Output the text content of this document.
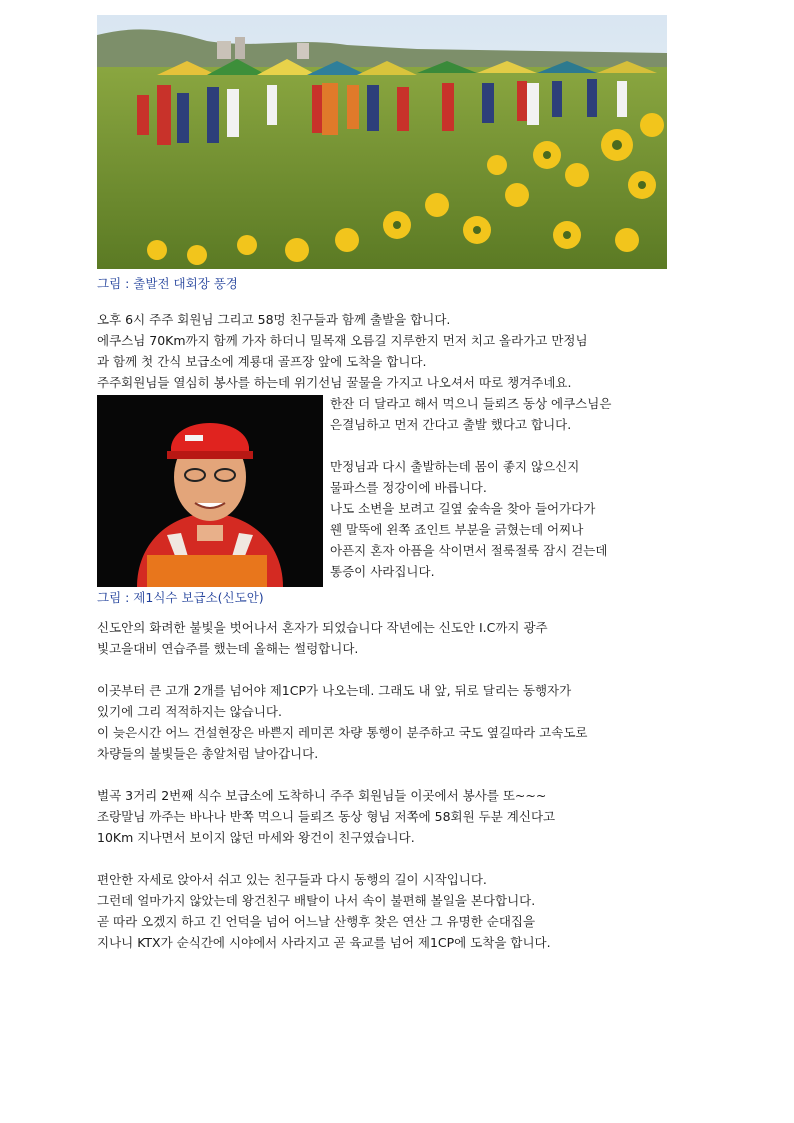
그림 : 출발전 대회장 풍경

오후 6시 주주 회원님 그리고 58멍 친구들과 함께 출발을 합니다.

에쿠스님 70Km까지 함께 가자 하더니 밀목재 오름길 지루한지 먼저 치고 올라가고 만정님

과 함께 첫 간식 보급소에 계룡대 골프장 앞에 도착을 합니다.

주주회원님들 열심히 봉사를 하는데 위기선님 꿀물을 가지고 나오셔서 따로 챙겨주네요.

한잔 더 달라고 해서 먹으니 들뢰즈 동상 에쿠스님은

은결님하고 먼저 간다고 출발 했다고 합니다.

만정님과 다시 출발하는데 몸이 좋지 않으신지

물파스를 정강이에 바릅니다.

나도 소변을 보려고 길옆 숲속을 찾아 들어가다가

웬 말뚝에 왼쪽 죠인트 부분을 긁혔는데 어찌나

아픈지 혼자 아픔을 삭이면서 절룩절룩 잠시 걷는데

통증이 사라집니다.

그림 : 제1식수 보급소(신도안)

신도안의 화려한 불빛을 벗어나서 혼자가 되었습니다 작년에는 신도안 I.C까지 광주

빛고을대비 연습주를 했는데 올해는 썰렁합니다.

이곳부터 큰 고개 2개를 넘어야 제1CP가 나오는데. 그래도 내 앞, 뒤로 달리는 동행자가

있기에 그리 적적하지는 않습니다.

이 늦은시간 어느 건설현장은 바쁜지 레미콘 차량 통행이 분주하고 국도 옆길따라 고속도로

차량들의 불빛들은 총알처럼 날아갑니다.

벌곡 3거리 2번째 식수 보급소에 도착하니 주주 회원님들 이곳에서 봉사를 또~~~

조랑말님 까주는 바나나 반쪽 먹으니 들뢰즈 동상 형님 저쪽에 58회원 두분 계신다고

10Km 지나면서 보이지 않던 마세와 왕건이 친구였습니다.

편안한 자세로 앉아서 쉬고 있는 친구들과 다시 동행의 길이 시작입니다.

그런데 얼마가지 않았는데 왕건친구 배탈이 나서 속이 불편해 볼일을 본다합니다.

곧 따라 오겠지 하고 긴 언덕을 넘어 어느날 산행후 찾은 연산 그 유명한 순대집을

지나니 KTX가 순식간에 시야에서 사라지고 곧 육교를 넘어 제1CP에 도착을 합니다.
